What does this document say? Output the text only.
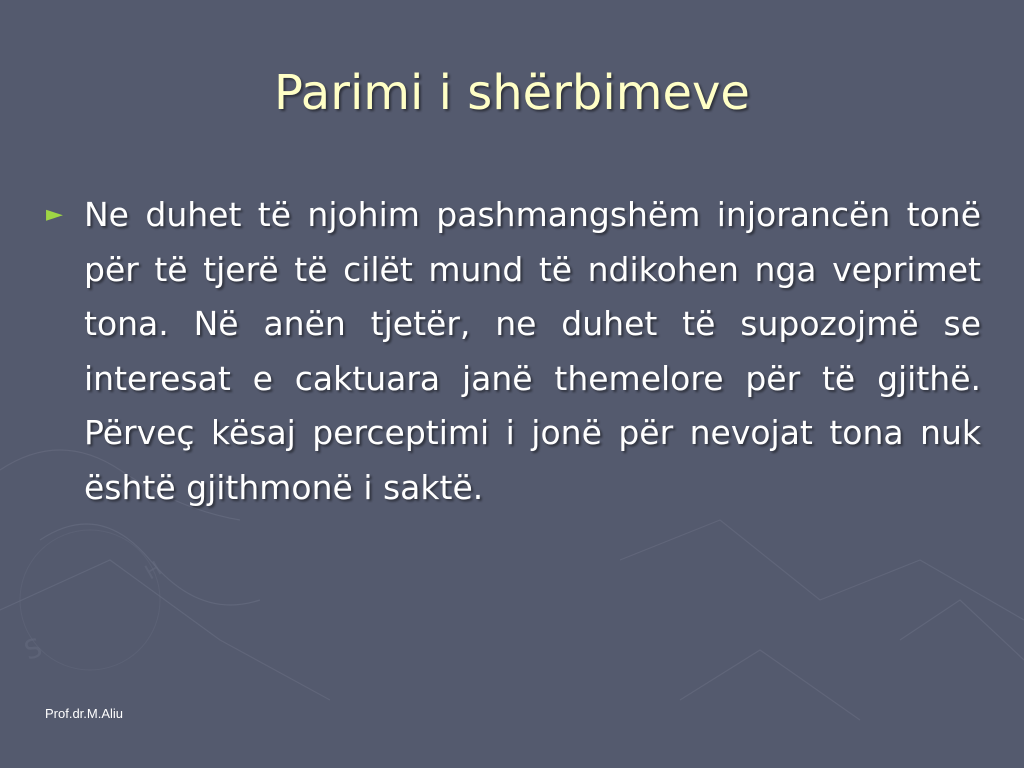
S
H
Parimi i shërbimeve
► Ne duhet të njohim pashmangshëm injorancën tonë për të tjerë të cilët mund të ndikohen nga veprimet tona. Në anën tjetër, ne duhet të supozojmë se interesat e caktuara janë themelore për të gjithë. Përveç kësaj perceptimi i jonë për nevojat tona nuk është gjithmonë i saktë.
Prof.dr.M.Aliu
